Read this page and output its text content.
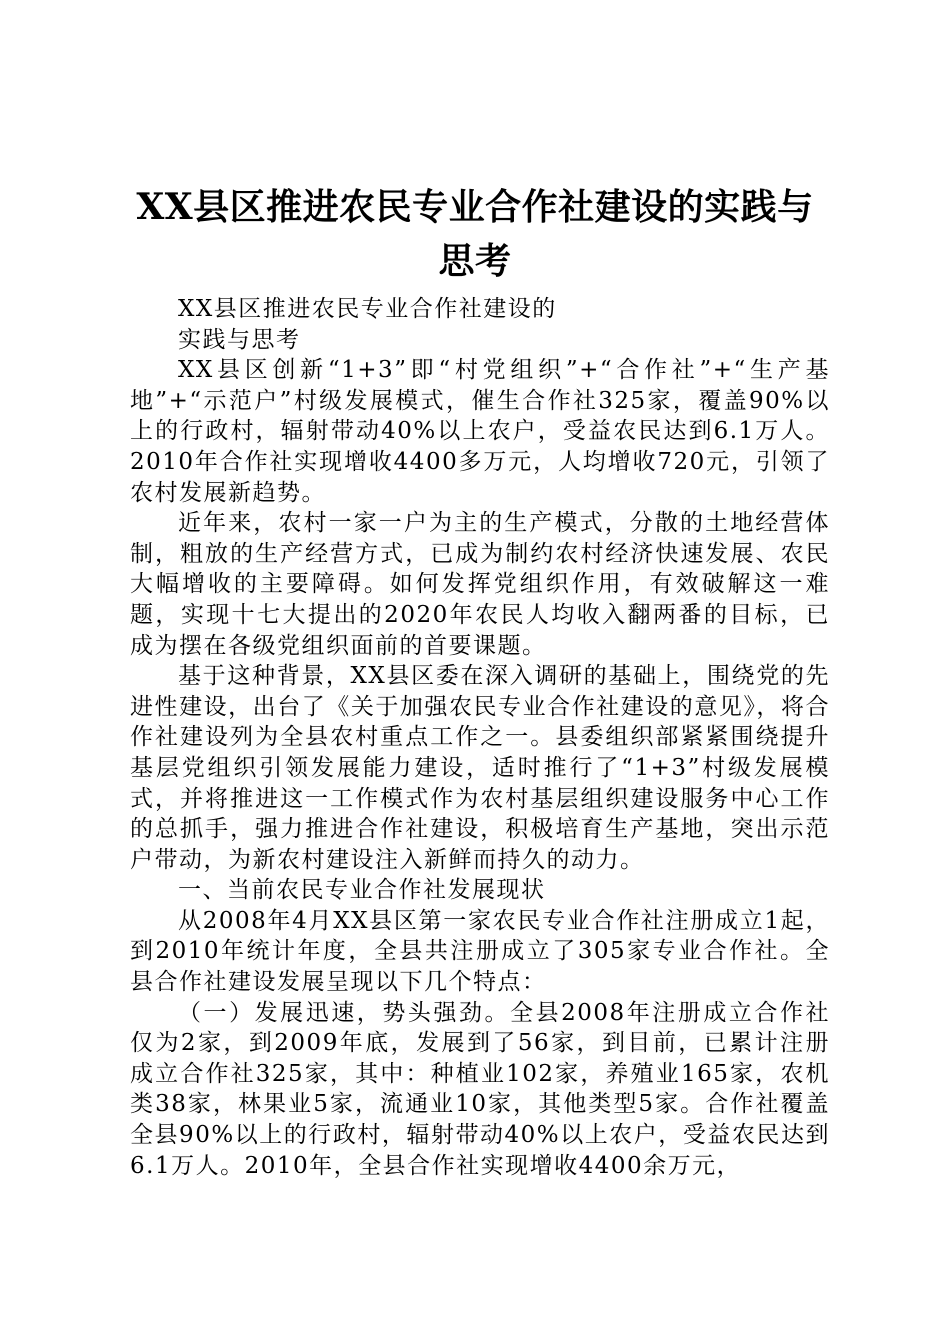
XX县区推进农民专业合作社建设的实践与思考

XX县区推进农民专业合作社建设的

实践与思考

XX县区创新“1+3”即“村党组织”+“合作社”+“生产基地”+“示范户”村级发展模式，催生合作社325家，覆盖90%以上的行政村，辐射带动40%以上农户，受益农民达到6.1万人。2010年合作社实现增收4400多万元，人均增收720元，引领了农村发展新趋势。

近年来，农村一家一户为主的生产模式，分散的土地经营体制，粗放的生产经营方式，已成为制约农村经济快速发展、农民大幅增收的主要障碍。如何发挥党组织作用，有效破解这一难题，实现十七大提出的2020年农民人均收入翻两番的目标，已成为摆在各级党组织面前的首要课题。

基于这种背景，XX县区委在深入调研的基础上，围绕党的先进性建设，出台了《关于加强农民专业合作社建设的意见》，将合作社建设列为全县农村重点工作之一。县委组织部紧紧围绕提升基层党组织引领发展能力建设，适时推行了“1+3”村级发展模式，并将推进这一工作模式作为农村基层组织建设服务中心工作的总抓手，强力推进合作社建设，积极培育生产基地，突出示范户带动，为新农村建设注入新鲜而持久的动力。

一、当前农民专业合作社发展现状

从2008年4月XX县区第一家农民专业合作社注册成立1起，到2010年统计年度，全县共注册成立了305家专业合作社。全县合作社建设发展呈现以下几个特点：

（一）发展迅速，势头强劲。全县2008年注册成立合作社仅为2家，到2009年底，发展到了56家，到目前，已累计注册成立合作社325家，其中：种植业102家，养殖业165家，农机类38家，林果业5家，流通业10家，其他类型5家。合作社覆盖全县90%以上的行政村，辐射带动40%以上农户，受益农民达到6.1万人。2010年，全县合作社实现增收4400余万元，
